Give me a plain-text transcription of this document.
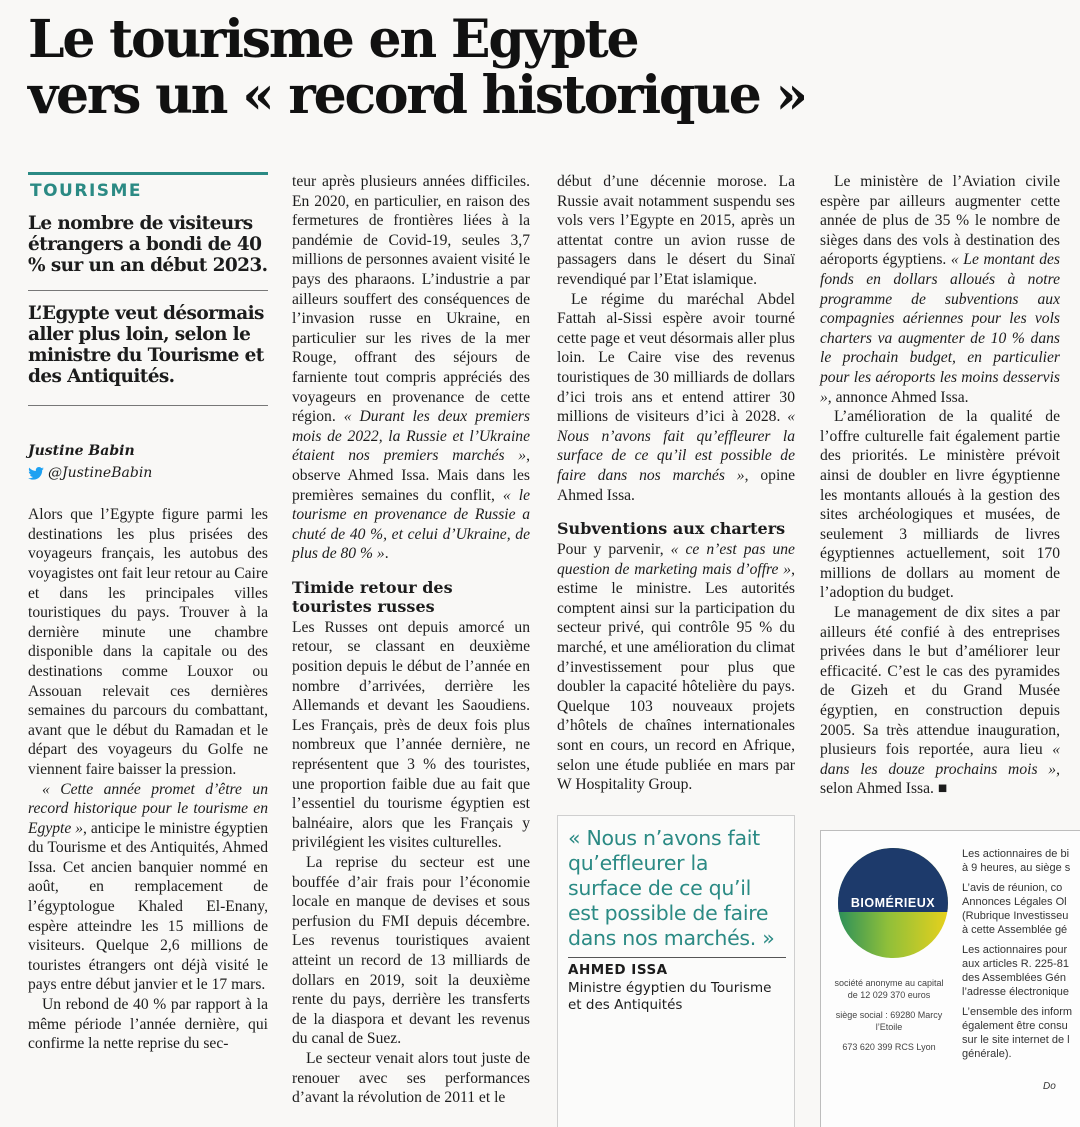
Le tourisme en Egypte
vers un « record historique »
TOURISME
Le nombre de visiteurs étrangers a bondi de 40 % sur un an début 2023.
L’Egypte veut désormais aller plus loin, selon le ministre du Tourisme et des Antiquités.
Justine Babin
@JustineBabin

Alors que l’Egypte figure parmi les destinations les plus prisées des voyageurs français, les autobus des voyagistes ont fait leur retour au Caire et dans les principales villes touristiques du pays. Trouver à la dernière minute une chambre disponible dans la capitale ou des destinations comme Louxor ou Assouan relevait ces dernières semaines du parcours du combattant, avant que le début du Ramadan et le départ des voyageurs du Golfe ne viennent faire baisser la pression.

« Cette année promet d’être un record historique pour le tourisme en Egypte », anticipe le ministre égyptien du Tourisme et des Antiquités, Ahmed Issa. Cet ancien banquier nommé en août, en remplacement de l’égyptologue Khaled El-Enany, espère atteindre les 15 millions de visiteurs. Quelque 2,6 millions de touristes étrangers ont déjà visité le pays entre début janvier et le 17 mars.

Un rebond de 40 % par rapport à la même période l’année dernière, qui confirme la nette reprise du sec-

teur après plusieurs années difficiles. En 2020, en particulier, en raison des fermetures de frontières liées à la pandémie de Covid-19, seules 3,7 millions de personnes avaient visité le pays des pharaons. L’industrie a par ailleurs souffert des conséquences de l’invasion russe en Ukraine, en particulier sur les rives de la mer Rouge, offrant des séjours de farniente tout compris appréciés des voyageurs en provenance de cette région. « Durant les deux premiers mois de 2022, la Russie et l’Ukraine étaient nos premiers marchés », observe Ahmed Issa. Mais dans les premières semaines du conflit, « le tourisme en provenance de Russie a chuté de 40 %, et celui d’Ukraine, de plus de 80 % ».

Timide retour des touristes russes

Les Russes ont depuis amorcé un retour, se classant en deuxième position depuis le début de l’année en nombre d’arrivées, derrière les Allemands et devant les Saoudiens. Les Français, près de deux fois plus nombreux que l’année dernière, ne représentent que 3 % des touristes, une proportion faible due au fait que l’essentiel du tourisme égyptien est balnéaire, alors que les Français y privilégient les visites culturelles.

La reprise du secteur est une bouffée d’air frais pour l’économie locale en manque de devises et sous perfusion du FMI depuis décembre. Les revenus touristiques avaient atteint un record de 13 milliards de dollars en 2019, soit la deuxième rente du pays, derrière les transferts de la diaspora et devant les revenus du canal de Suez.

Le secteur venait alors tout juste de renouer avec ses performances d’avant la révolution de 2011 et le

début d’une décennie morose. La Russie avait notamment suspendu ses vols vers l’Egypte en 2015, après un attentat contre un avion russe de passagers dans le désert du Sinaï revendiqué par l’Etat islamique.

Le régime du maréchal Abdel Fattah al-Sissi espère avoir tourné cette page et veut désormais aller plus loin. Le Caire vise des revenus touristiques de 30 milliards de dollars d’ici trois ans et entend attirer 30 millions de visiteurs d’ici à 2028. « Nous n’avons fait qu’effleurer la surface de ce qu’il est possible de faire dans nos marchés », opine Ahmed Issa.

Subventions aux charters

Pour y parvenir, « ce n’est pas une question de marketing mais d’offre », estime le ministre. Les autorités comptent ainsi sur la participation du secteur privé, qui contrôle 95 % du marché, et une amélioration du climat d’investissement pour plus que doubler la capacité hôtelière du pays. Quelque 103 nouveaux projets d’hôtels de chaînes internationales sont en cours, un record en Afrique, selon une étude publiée en mars par W Hospitality Group.

« Nous n’avons fait qu’effleurer la surface de ce qu’il est possible de faire dans nos marchés. »
AHMED ISSA
Ministre égyptien du Tourisme et des Antiquités

Le ministère de l’Aviation civile espère par ailleurs augmenter cette année de plus de 35 % le nombre de sièges dans des vols à destination des aéroports égyptiens. « Le montant des fonds en dollars alloués à notre programme de subventions aux compagnies aériennes pour les vols charters va augmenter de 10 % dans le prochain budget, en particulier pour les aéroports les moins desservis », annonce Ahmed Issa.

L’amélioration de la qualité de l’offre culturelle fait également partie des priorités. Le ministère prévoit ainsi de doubler en livre égyptienne les montants alloués à la gestion des sites archéologiques et musées, de seulement 3 milliards de livres égyptiennes actuellement, soit 170 millions de dollars au moment de l’adoption du budget.

Le management de dix sites a par ailleurs été confié à des entreprises privées dans le but d’améliorer leur efficacité. C’est le cas des pyramides de Gizeh et du Grand Musée égyptien, en construction depuis 2005. Sa très attendue inauguration, plusieurs fois reportée, aura lieu « dans les douze prochains mois », selon Ahmed Issa. ■

BIOMÉRIEUX

société anonyme au capital de 12 029 370 euros

siège social : 69280 Marcy l’Etoile

673 620 399 RCS Lyon

Les actionnaires de bi
à 9 heures, au siège s

L’avis de réunion, co
Annonces Légales Ol
(Rubrique Investisseu
à cette Assemblée gé

Les actionnaires pour
aux articles R. 225-81
des Assemblées Gén
l’adresse électronique

L’ensemble des inform
également être consu
sur le site internet de l
générale).

Do
